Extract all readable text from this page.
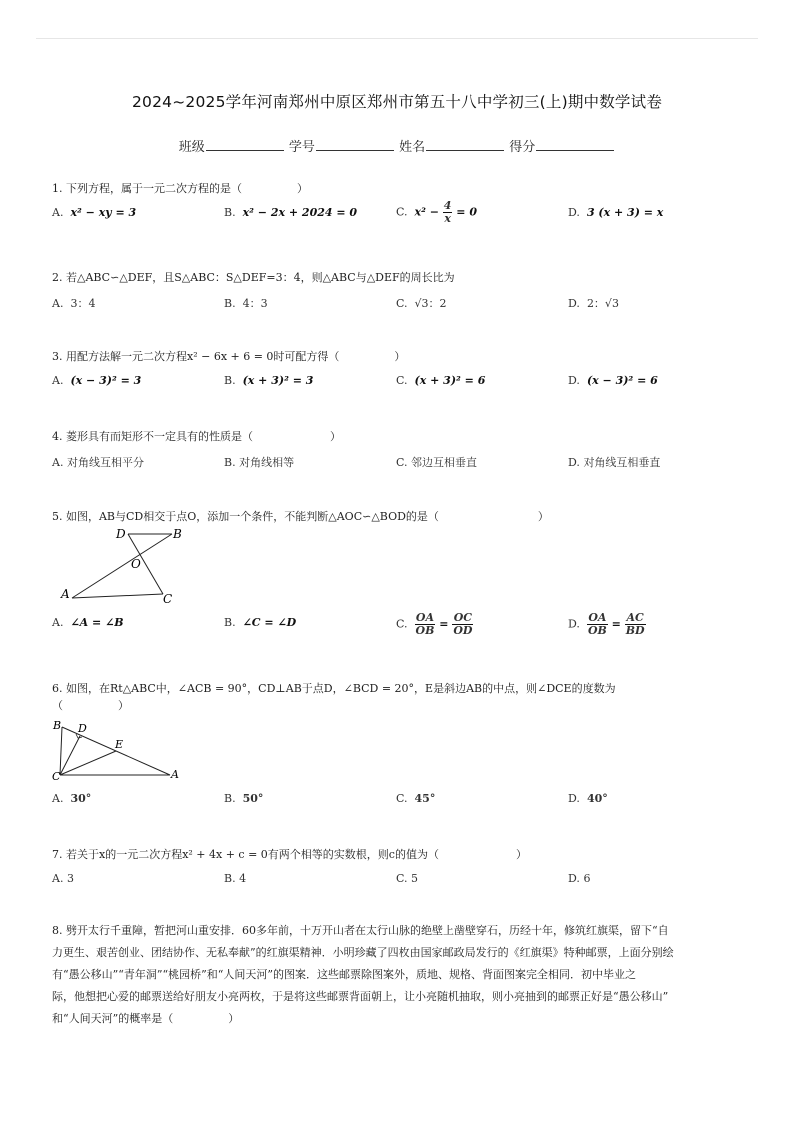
2024~2025学年河南郑州中原区郑州市第五十八中学初三(上)期中数学试卷
班级	学号	姓名	得分
1. 下列方程，属于一元二次方程的是（　　　　　）
A. x² − xy = 3	B. x² − 2x + 2024 = 0	C. $x^2 - \frac{4}{x} = 0$	D. 3 (x + 3) = x
2. 若△ABC∽△DEF，且S△ABC：S△DEF=3：4，则△ABC与△DEF的周长比为
A. 3：4	B. 4：3	C. √3：2	D. 2：√3
3. 用配方法解一元二次方程x² − 6x + 6 = 0时可配方得（　　　　　）
A. (x − 3)² = 3	B. (x + 3)² = 3	C. (x + 3)² = 6	D. (x − 3)² = 6
4. 菱形具有而矩形不一定具有的性质是（　　　　　　　）
A. 对角线互相平分	B. 对角线相等	C. 邻边互相垂直	D. 对角线互相垂直
5. 如图，AB与CD相交于点O，添加一个条件，不能判断△AOC∽△BOD的是（　　　　　　　　　）
D	B
O
A	C
A. ∠A = ∠B	B. ∠C = ∠D	C. $\frac{OA}{OB} = \frac{OC}{OD}$	D. $\frac{OA}{OB} = \frac{AC}{BD}$
6. 如图，在Rt△ABC中，∠ACB = 90°，CD⊥AB于点D，∠BCD = 20°，E是斜边AB的中点，则∠DCE的度数为
（　　　　　）
B D
E
C	A
A. 30°	B. 50°	C. 45°	D. 40°
7. 若关于x的一元二次方程x² + 4x + c = 0有两个相等的实数根，则c的值为（　　　　　　　）
A. 3	B. 4	C. 5	D. 6
8. 劈开太行千重障，暂把河山重安排．60多年前，十万开山者在太行山脉的绝壁上凿壁穿石，历经十年，修筑红旗渠，留下“自
力更生、艰苦创业、团结协作、无私奉献”的红旗渠精神．小明珍藏了四枚由国家邮政局发行的《红旗渠》特种邮票，上面分别绘
有“愚公移山”“青年洞”“桃园桥”和“人间天河”的图案．这些邮票除图案外，质地、规格、背面图案完全相同．初中毕业之
际，他想把心爱的邮票送给好朋友小亮两枚，于是将这些邮票背面朝上，让小亮随机抽取，则小亮抽到的邮票正好是“愚公移山”
和“人间天河”的概率是（　　　　　）
